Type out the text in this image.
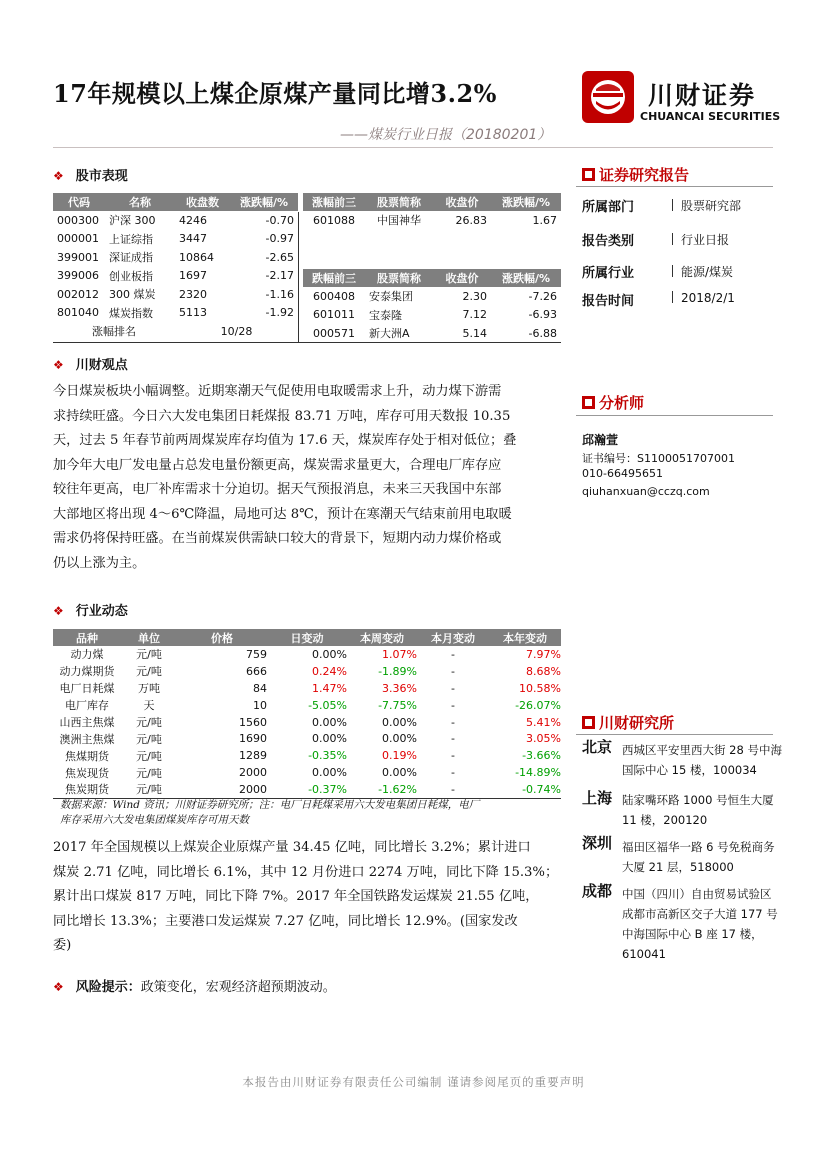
17年规模以上煤企原煤产量同比增3.2%	川财证券
CHUANCAI SECURITIES
——煤炭行业日报（20180201）
❖ 股市表现
代码	名称	收盘数	涨跌幅/%
000300	沪深 300	4246	-0.70
000001	上证综指	3447	-0.97
399001	深证成指	10864	-2.65
399006	创业板指	1697	-2.17
002012	300 煤炭	2320	-1.16
801040	煤炭指数	5113	-1.92
涨幅排名		10/28	
涨幅前三	股票简称	收盘价	涨跌幅/%
601088	中国神华	26.83	1.67

跌幅前三	股票简称	收盘价	涨跌幅/%
600408	安泰集团	2.30	-7.26
601011	宝泰隆	7.12	-6.93
000571	新大洲A	5.14	-6.88
❖ 川财观点
今日煤炭板块小幅调整。近期寒潮天气促使用电取暖需求上升，动力煤下游需
求持续旺盛。今日六大发电集团日耗煤报 83.71 万吨，库存可用天数报 10.35
天，过去 5 年春节前两周煤炭库存均值为 17.6 天，煤炭库存处于相对低位；叠
加今年大电厂发电量占总发电量份额更高，煤炭需求量更大，合理电厂库存应
较往年更高，电厂补库需求十分迫切。据天气预报消息，未来三天我国中东部
大部地区将出现 4～6℃降温，局地可达 8℃，预计在寒潮天气结束前用电取暖
需求仍将保持旺盛。在当前煤炭供需缺口较大的背景下，短期内动力煤价格或
仍以上涨为主。
❖ 行业动态
品种	单位	价格	日变动	本周变动	本月变动	本年变动
动力煤	元/吨	759	0.00%	1.07%	-	7.97%
动力煤期货	元/吨	666	0.24%	-1.89%	-	8.68%
电厂日耗煤	万吨	84	1.47%	3.36%	-	10.58%
电厂库存	天	10	-5.05%	-7.75%	-	-26.07%
山西主焦煤	元/吨	1560	0.00%	0.00%	-	5.41%
澳洲主焦煤	元/吨	1690	0.00%	0.00%	-	3.05%
焦煤期货	元/吨	1289	-0.35%	0.19%	-	-3.66%
焦炭现货	元/吨	2000	0.00%	0.00%	-	-14.89%
焦炭期货	元/吨	2000	-0.37%	-1.62%	-	-0.74%
数据来源：Wind 资讯；川财证券研究所；注：电厂日耗煤采用六大发电集团日耗煤，电厂
库存采用六大发电集团煤炭库存可用天数
2017 年全国规模以上煤炭企业原煤产量 34.45 亿吨，同比增长 3.2%；累计进口
煤炭 2.71 亿吨，同比增长 6.1%，其中 12 月份进口 2274 万吨，同比下降 15.3%；
累计出口煤炭 817 万吨，同比下降 7%。2017 年全国铁路发运煤炭 21.55 亿吨，
同比增长 13.3%；主要港口发运煤炭 7.27 亿吨，同比增长 12.9%。(国家发改
委)
❖ 风险提示：政策变化，宏观经济超预期波动。
证券研究报告
所属部门	股票研究部
报告类别	行业日报
所属行业	能源/煤炭
报告时间	2018/2/1
分析师
邱瀚萱
证书编号：S1100051707001
010-66495651
qiuhanxuan@cczq.com
川财研究所
北京 西城区平安里西大街 28 号中海国际中心 15 楼，100034
上海 陆家嘴环路 1000 号恒生大厦 11 楼，200120
深圳 福田区福华一路 6 号免税商务大厦 21 层，518000
成都 中国（四川）自由贸易试验区成都市高新区交子大道 177 号中海国际中心 B 座 17 楼，610041
本报告由川财证券有限责任公司编制 谨请参阅尾页的重要声明
